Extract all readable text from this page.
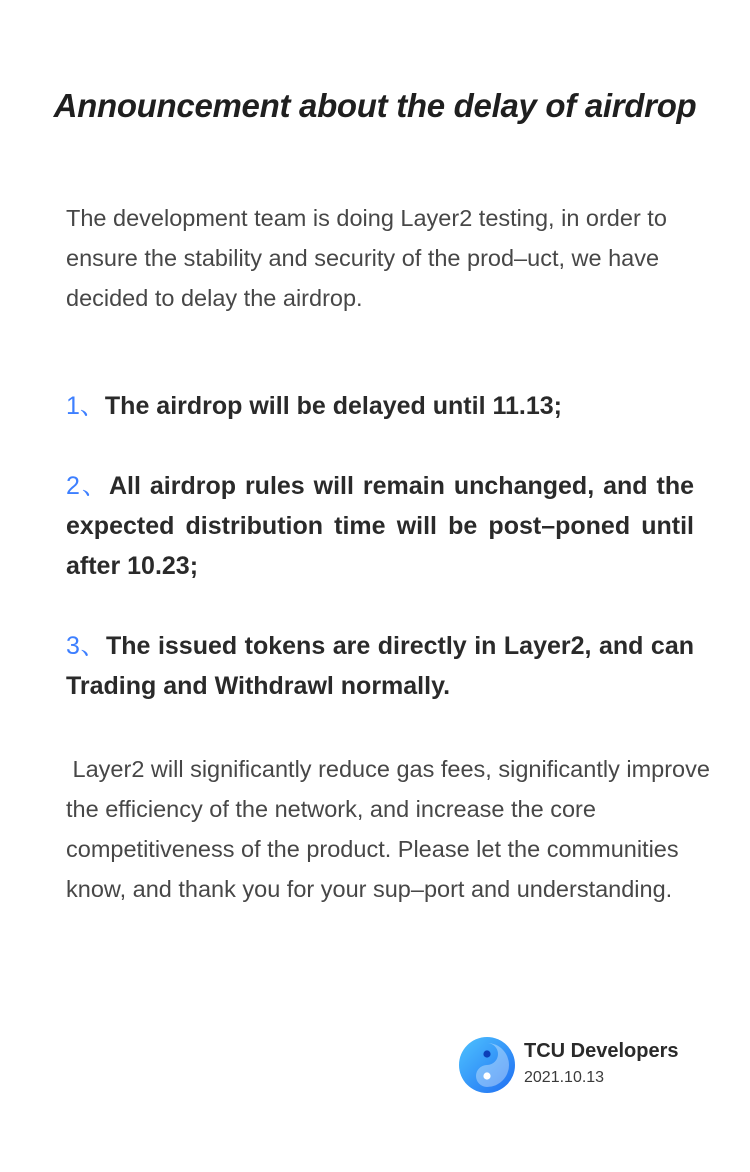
Announcement about the delay of airdrop

The development team is doing Layer2 testing, in order to ensure the stability and security of the prod–uct, we have decided to delay the airdrop.

1、The airdrop will be delayed until 11.13;

2、All airdrop rules will remain unchanged, and the expected distribution time will be post–poned until after 10.23;

3、The issued tokens are directly in Layer2, and can Trading and Withdrawl normally.

Layer2 will significantly reduce gas fees, significantly improve the efficiency of the network, and increase the core competitiveness of the product. Please let the communities know, and thank you for your sup–port and understanding.

TCU Developers
2021.10.13
